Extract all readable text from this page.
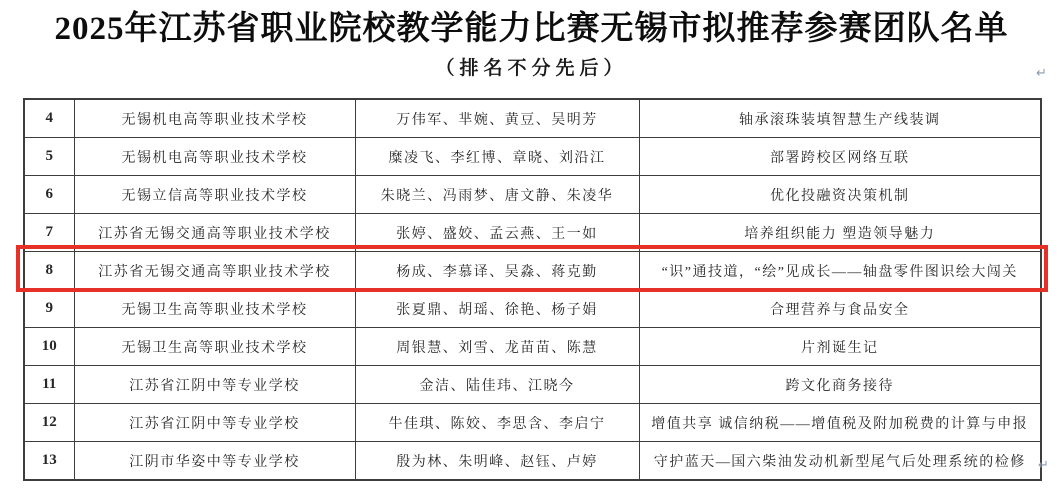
2025年江苏省职业院校教学能力比赛无锡市拟推荐参赛团队名单
（排名不分先后）	↵
4	无锡机电高等职业技术学校	万伟军、芈婉、黄豆、吴明芳	轴承滚珠装填智慧生产线装调
5	无锡机电高等职业技术学校	糜凌飞、李红博、章晓、刘沿江	部署跨校区网络互联
6	无锡立信高等职业技术学校	朱晓兰、冯雨梦、唐文静、朱凌华	优化投融资决策机制
7	江苏省无锡交通高等职业技术学校	张婷、盛姣、孟云燕、王一如	培养组织能力 塑造领导魅力
8	江苏省无锡交通高等职业技术学校	杨成、李慕译、吴淼、蒋克勤	“识”通技道，“绘”见成长——轴盘零件图识绘大闯关
9	无锡卫生高等职业技术学校	张夏鼎、胡瑶、徐艳、杨子娟	合理营养与食品安全
10	无锡卫生高等职业技术学校	周银慧、刘雪、龙苗苗、陈慧	片剂诞生记
11	江苏省江阴中等专业学校	金洁、陆佳玮、江晓今	跨文化商务接待
12	江苏省江阴中等专业学校	牛佳琪、陈姣、李思含、李启宁	增值共享 诚信纳税——增值税及附加税费的计算与申报
13	江阴市华姿中等专业学校	殷为林、朱明峰、赵钰、卢婷	守护蓝天—国六柴油发动机新型尾气后处理系统的检修 ↵
